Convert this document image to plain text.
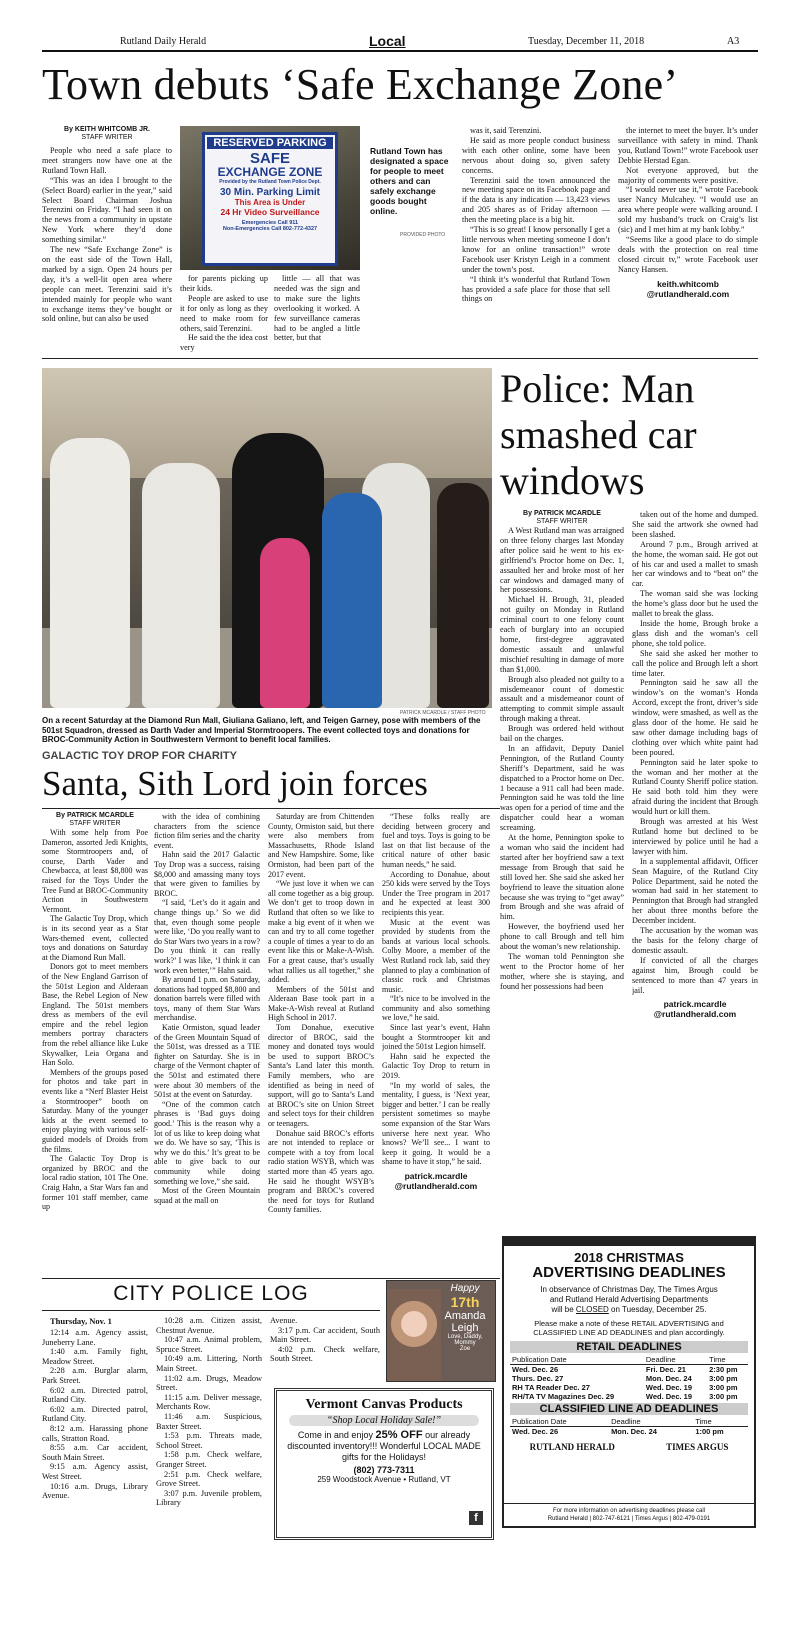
Rutland Daily Herald	Local	Tuesday, December 11, 2018	A3
Town debuts ‘Safe Exchange Zone’
By KEITH WHITCOMB JR.
STAFF WRITER

People who need a safe place to meet strangers now have one at the Rutland Town Hall.

“This was an idea I brought to the (Select Board) earlier in the year,” said Select Board Chairman Joshua Terenzini on Friday. “I had seen it on the news from a community in upstate New York where they’d done something similar.”

The new “Safe Exchange Zone” is on the east side of the Town Hall, marked by a sign. Open 24 hours per day, it’s a well-lit open area where people can meet. Terenzini said it’s intended mainly for people who want to exchange items they’ve bought or sold online, but can also be used

RESERVED PARKING
SAFE
EXCHANGE ZONE
Provided by the Rutland Town Police Dept.
30 Min. Parking Limit
This Area is Under
24 Hr Video Surveillance
Emergencies Call 911
Non-Emergencies Call 802-772-4327
Rutland Town has designated a space for people to meet others and can safely exchange goods bought online.
PROVIDED PHOTO

for parents picking up their kids.

People are asked to use it for only as long as they need to make room for others, said Terenzini.

He said the the idea cost very

little — all that was needed was the sign and to make sure the lights overlooking it worked. A few surveillance cameras had to be angled a little better, but that

was it, said Terenzini.

He said as more people conduct business with each other online, some have been nervous about doing so, given safety concerns.

Terenzini said the town announced the new meeting space on its Facebook page and if the data is any indication — 13,423 views and 205 shares as of Friday afternoon — then the meeting place is a big hit.

“This is so great! I know personally I get a little nervous when meeting someone I don’t know for an online transaction!” wrote Facebook user Kristyn Leigh in a comment under the town’s post.

“I think it’s wonderful that Rutland Town has provided a safe place for those that sell things on

the internet to meet the buyer. It’s under surveillance with safety in mind. Thank you, Rutland Town!” wrote Facebook user Debbie Herstad Egan.

Not everyone approved, but the majority of comments were positive.

“I would never use it,” wrote Facebook user Nancy Mulcahey. “I would use an area where people were walking around. I sold my husband’s truck on Craig’s list (sic) and I met him at my bank lobby.”

“Seems like a good place to do simple deals with the protection on real time closed circuit tv,” wrote Facebook user Nancy Hansen.

keith.whitcomb
@rutlandherald.com
PATRICK MCARDLE / STAFF PHOTO
On a recent Saturday at the Diamond Run Mall, Giuliana Galiano, left, and Teigen Garney, pose with members of the 501st Squadron, dressed as Darth Vader and Imperial Stormtroopers. The event collected toys and donations for BROC-Community Action in Southwestern Vermont to benefit local families.
GALACTIC TOY DROP FOR CHARITY
Santa, Sith Lord join forces
By PATRICK MCARDLE
STAFF WRITER

With some help from Poe Dameron, assorted Jedi Knights, some Stormtroopers and, of course, Darth Vader and Chewbacca, at least $8,800 was raised for the Toys Under the Tree Fund at BROC-Community Action in Southwestern Vermont.

The Galactic Toy Drop, which is in its second year as a Star Wars-themed event, collected toys and donations on Saturday at the Diamond Run Mall.

Donors got to meet members of the New England Garrison of the 501st Legion and Alderaan Base, the Rebel Legion of New England. The 501st members dress as members of the evil empire and the rebel legion members portray characters from the rebel alliance like Luke Skywalker, Leia Organa and Han Solo.

Members of the groups posed for photos and take part in events like a “Nerf Blaster Heist a Stormtrooper” booth on Saturday. Many of the younger kids at the event seemed to enjoy playing with various self-guided models of Droids from the films.

The Galactic Toy Drop is organized by BROC and the local radio station, 101 The One. Craig Hahn, a Star Wars fan and former 101 staff member, came up

with the idea of combining characters from the science fiction film series and the charity event.

Hahn said the 2017 Galactic Toy Drop was a success, raising $8,000 and amassing many toys that were given to families by BROC.

“I said, ‘Let’s do it again and change things up.’ So we did that, even though some people were like, ‘Do you really want to do Star Wars two years in a row? Do you think it can really work?’ I was like, ‘I think it can work even better,’” Hahn said.

By around 1 p.m. on Saturday, donations had topped $8,800 and donation barrels were filled with toys, many of them Star Wars merchandise.

Katie Ormiston, squad leader of the Green Mountain Squad of the 501st, was dressed as a TIE fighter on Saturday. She is in charge of the Vermont chapter of the 501st and estimated there were about 30 members of the 501st at the event on Saturday.

“One of the common catch phrases is ‘Bad guys doing good.’ This is the reason why a lot of us like to keep doing what we do. We have so say, ‘This is why we do this.’ It’s great to be able to give back to our community while doing something we love,” she said.

Most of the Green Mountain squad at the mall on

Saturday are from Chittenden County, Ormiston said, but there were also members from Massachusetts, Rhode Island and New Hampshire. Some, like Ormiston, had been part of the 2017 event.

“We just love it when we can all come together as a big group. We don’t get to troop down in Rutland that often so we like to make a big event of it when we can and try to all come together a couple of times a year to do an event like this or Make-A-Wish. For a great cause, that’s usually what rallies us all together,” she added.

Members of the 501st and Alderaan Base took part in a Make-A-Wish reveal at Rutland High School in 2017.

Tom Donahue, executive director of BROC, said the money and donated toys would be used to support BROC’s Santa’s Land later this month. Family members, who are identified as being in need of support, will go to Santa’s Land at BROC’s site on Union Street and select toys for their children or teenagers.

Donahue said BROC’s efforts are not intended to replace or compete with a toy from local radio station WSYB, which was started more than 45 years ago. He said he thought WSYB’s program and BROC’s covered the need for toys for Rutland County families.

“These folks really are deciding between grocery and fuel and toys. Toys is going to be last on that list because of the critical nature of other basic human needs,” he said.

According to Donahue, about 250 kids were served by the Toys Under the Tree program in 2017 and he expected at least 300 recipients this year.

Music at the event was provided by students from the bands at various local schools. Colby Moore, a member of the West Rutland rock lab, said they planned to play a combination of classic rock and Christmas music.

“It’s nice to be involved in the community and also something we love,” he said.

Since last year’s event, Hahn bought a Stormtrooper kit and joined the 501st Legion himself.

Hahn said he expected the Galactic Toy Drop to return in 2019.

“In my world of sales, the mentality, I guess, is ‘Next year, bigger and better.’ I can be really persistent sometimes so maybe some expansion of the Star Wars universe here next year. Who knows? We’ll see... I want to keep it going. It would be a shame to have it stop,” he said.

patrick.mcardle
@rutlandherald.com
Police: Man smashed car windows
By PATRICK MCARDLE
STAFF WRITER

A West Rutland man was arraigned on three felony charges last Monday after police said he went to his ex-girlfriend’s Proctor home on Dec. 1, assaulted her and broke most of her car windows and damaged many of her possessions.

Michael H. Brough, 31, pleaded not guilty on Monday in Rutland criminal court to one felony count each of burglary into an occupied home, first-degree aggravated domestic assault and unlawful mischief resulting in damage of more than $1,000.

Brough also pleaded not guilty to a misdemeanor count of domestic assault and a misdemeanor count of attempting to commit simple assault through making a threat.

Brough was ordered held without bail on the charges.

In an affidavit, Deputy Daniel Pennington, of the Rutland County Sheriff’s Department, said he was dispatched to a Proctor home on Dec. 1 because a 911 call had been made. Pennington said he was told the line was open for a period of time and the dispatcher could hear a woman screaming.

At the home, Pennington spoke to a woman who said the incident had started after her boyfriend saw a text message from Brough that said he still loved her. She said she asked her boyfriend to leave the situation alone because she was trying to “get away” from Brough and she was afraid of him.

However, the boyfriend used her phone to call Brough and tell him about the woman’s new relationship.

The woman told Pennington she went to the Proctor home of her mother, where she is staying, and found her possessions had been

taken out of the home and dumped. She said the artwork she owned had been slashed.

Around 7 p.m., Brough arrived at the home, the woman said. He got out of his car and used a mallet to smash her car windows and to “beat on” the car.

The woman said she was locking the home’s glass door but he used the mallet to break the glass.

Inside the home, Brough broke a glass dish and the woman’s cell phone, she told police.

She said she asked her mother to call the police and Brough left a short time later.

Pennington said he saw all the window’s on the woman’s Honda Accord, except the front, driver’s side window, were smashed, as well as the glass door of the home. He said he saw other damage including bags of clothing over which white paint had been poured.

Pennington said he later spoke to the woman and her mother at the Rutland County Sheriff police station. He said both told him they were afraid during the incident that Brough would hurt or kill them.

Brough was arrested at his West Rutland home but declined to be interviewed by police until he had a lawyer with him.

In a supplemental affidavit, Officer Sean Maguire, of the Rutland City Police Department, said he noted the woman had said in her statement to Pennington that Brough had strangled her about three months before the December incident.

The accusation by the woman was the basis for the felony charge of domestic assault.

If convicted of all the charges against him, Brough could be sentenced to more than 47 years in jail.

patrick.mcardle
@rutlandherald.com
CITY POLICE LOG
Thursday, Nov. 1

12:14 a.m. Agency assist, Juneberry Lane.

1:40 a.m. Family fight, Meadow Street.

2:28 a.m. Burglar alarm, Park Street.

6:02 a.m. Directed patrol, Rutland City.

6:02 a.m. Directed patrol, Rutland City.

8:12 a.m. Harassing phone calls, Stratton Road.

8:55 a.m. Car accident, South Main Street.

9:15 a.m. Agency assist, West Street.

10:16 a.m. Drugs, Library Avenue.

10:28 a.m. Citizen assist, Chestnut Avenue.

10:47 a.m. Animal problem, Spruce Street.

10:49 a.m. Littering, North Main Street.

11:02 a.m. Drugs, Meadow Street.

11:15 a.m. Deliver message, Merchants Row.

11:46 a.m. Suspicious, Baxter Street.

1:53 p.m. Threats made, School Street.

1:58 p.m. Check welfare, Granger Street.

2:51 p.m. Check welfare, Grove Street.

3:07 p.m. Juvenile problem, Library

Avenue.

3:17 p.m. Car accident, South Main Street.

4:02 p.m. Check welfare, South Street.

Happy
17th
Amanda
Leigh
Love, Daddy,
Mommy
Zoe
Vermont Canvas Products
“Shop Local Holiday Sale!”
Come in and enjoy 25% OFF our already discounted inventory!!! Wonderful LOCAL MADE gifts for the Holidays!
(802) 773-7311
259 Woodstock Avenue • Rutland, VT
f
2018 CHRISTMAS
ADVERTISING DEADLINES
In observance of Christmas Day, The Times Argus
and Rutland Herald Advertising Departments
will be CLOSED on Tuesday, December 25.
Please make a note of these RETAIL ADVERTISING and CLASSIFIED LINE AD DEADLINES and plan accordingly.
RETAIL DEADLINES
Publication Date	Deadline	Time
Wed. Dec. 26	Fri. Dec. 21	2:30 pm
Thurs. Dec. 27	Mon. Dec. 24	3:00 pm
RH TA Reader Dec. 27	Wed. Dec. 19	3:00 pm
RH/TA TV Magazines Dec. 29	Wed. Dec. 19	3:00 pm
CLASSIFIED LINE AD DEADLINES
Publication Date	Deadline	Time
Wed. Dec. 26	Mon. Dec. 24	1:00 pm
RUTLAND HERALD	TIMES ARGUS
For more information on advertising deadlines please call
Rutland Herald | 802-747-6121 | Times Argus | 802-479-0191
